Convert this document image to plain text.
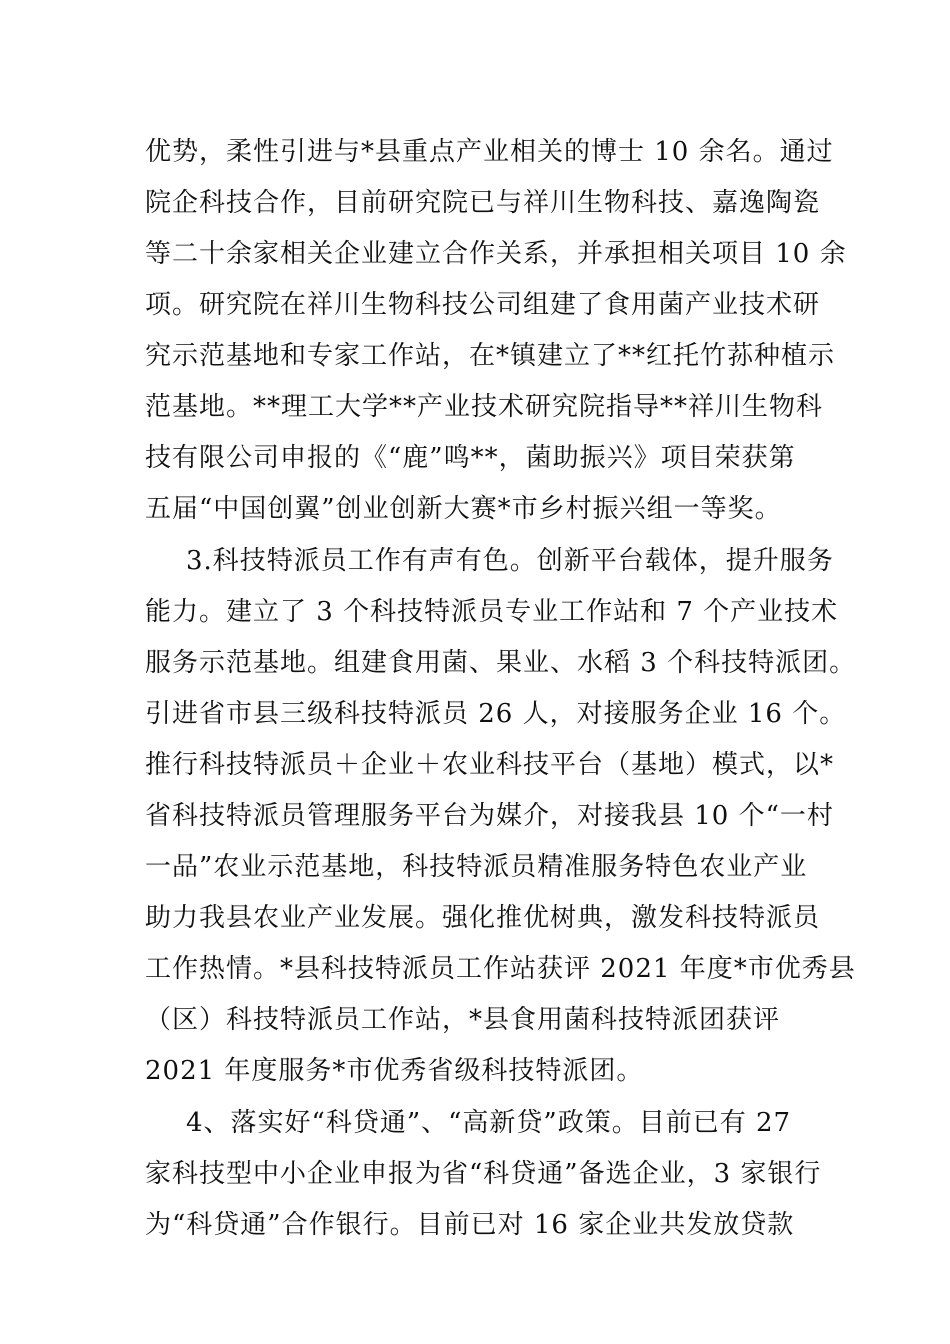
优势，柔性引进与*县重点产业相关的博士 10 余名。通过
院企科技合作，目前研究院已与祥川生物科技、嘉逸陶瓷
等二十余家相关企业建立合作关系，并承担相关项目 10 余
项。研究院在祥川生物科技公司组建了食用菌产业技术研
究示范基地和专家工作站，在*镇建立了**红托竹荪种植示
范基地。**理工大学**产业技术研究院指导**祥川生物科
技有限公司申报的《“鹿”鸣**，菌助振兴》项目荣获第
五届“中国创翼”创业创新大赛*市乡村振兴组一等奖。
3.科技特派员工作有声有色。创新平台载体，提升服务
能力。建立了 3 个科技特派员专业工作站和 7 个产业技术
服务示范基地。组建食用菌、果业、水稻 3 个科技特派团。
引进省市县三级科技特派员 26 人，对接服务企业 16 个。
推行科技特派员＋企业＋农业科技平台（基地）模式，以*
省科技特派员管理服务平台为媒介，对接我县 10 个“一村
一品”农业示范基地，科技特派员精准服务特色农业产业
助力我县农业产业发展。强化推优树典，激发科技特派员
工作热情。*县科技特派员工作站获评 2021 年度*市优秀县
（区）科技特派员工作站，*县食用菌科技特派团获评
2021 年度服务*市优秀省级科技特派团。
4、落实好“科贷通”、“高新贷”政策。目前已有 27
家科技型中小企业申报为省“科贷通”备选企业，3 家银行
为“科贷通”合作银行。目前已对 16 家企业共发放贷款
